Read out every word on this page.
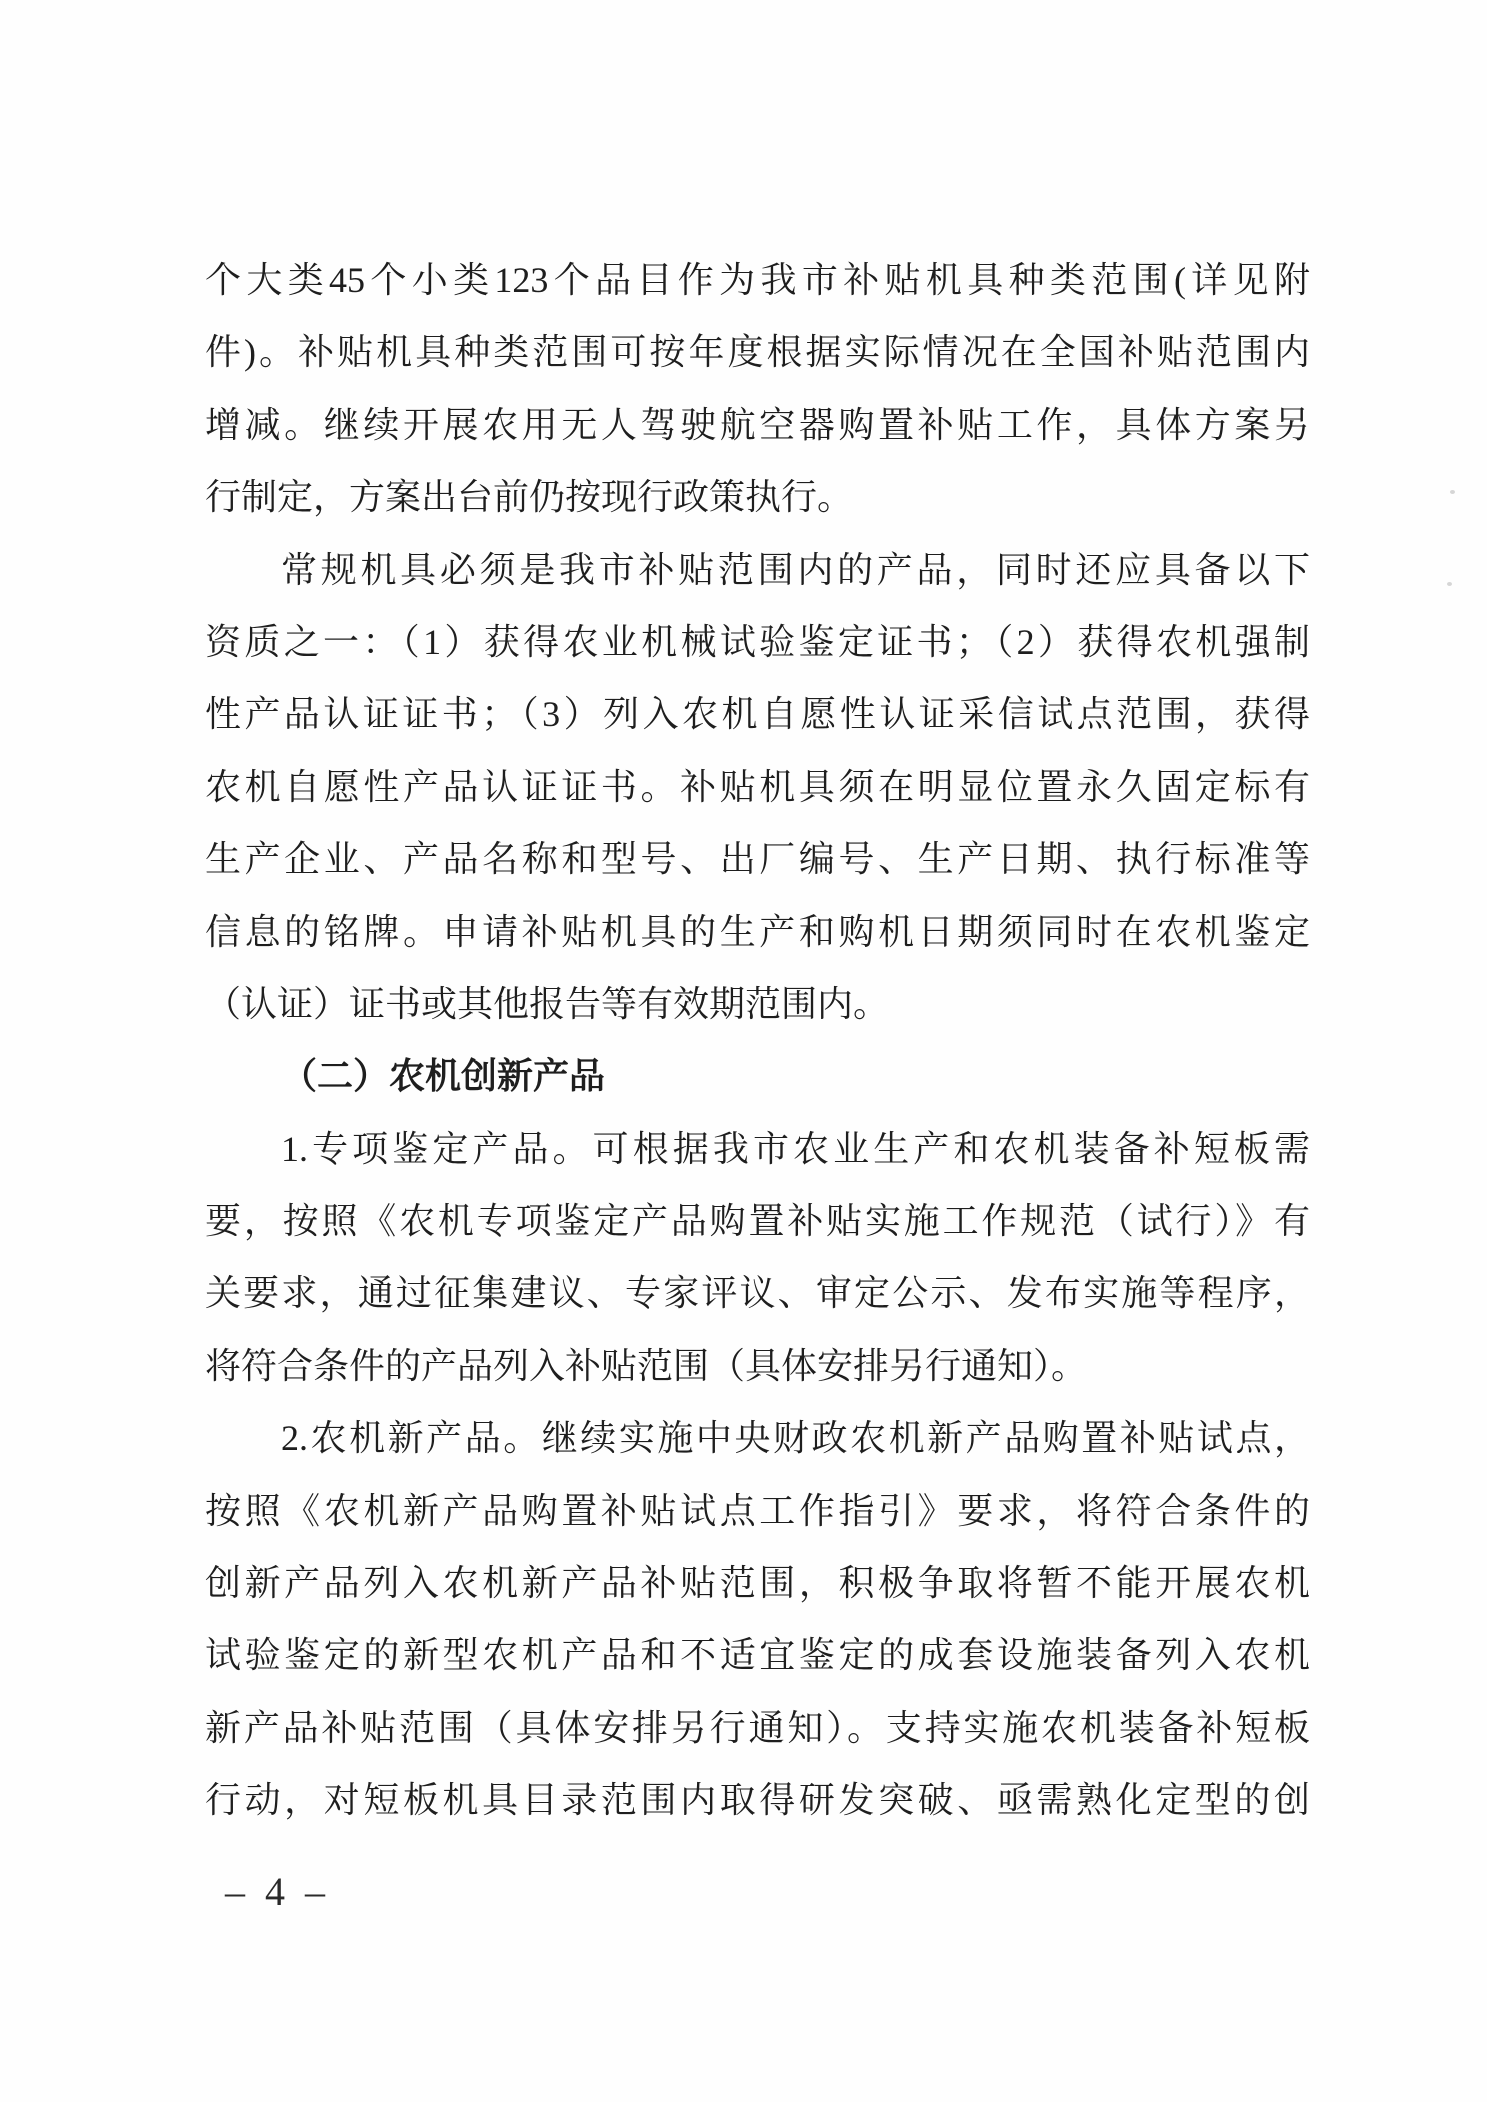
个大类45个小类123个品目作为我市补贴机具种类范围(详见附
件)。补贴机具种类范围可按年度根据实际情况在全国补贴范围内
增减。继续开展农用无人驾驶航空器购置补贴工作，具体方案另
行制定，方案出台前仍按现行政策执行。
常规机具必须是我市补贴范围内的产品，同时还应具备以下
资质之一：（1）获得农业机械试验鉴定证书；（2）获得农机强制
性产品认证证书；（3）列入农机自愿性认证采信试点范围，获得
农机自愿性产品认证证书。补贴机具须在明显位置永久固定标有
生产企业、产品名称和型号、出厂编号、生产日期、执行标准等
信息的铭牌。申请补贴机具的生产和购机日期须同时在农机鉴定
（认证）证书或其他报告等有效期范围内。
（二）农机创新产品
1.专项鉴定产品。可根据我市农业生产和农机装备补短板需
要，按照《农机专项鉴定产品购置补贴实施工作规范（试行）》有
关要求，通过征集建议、专家评议、审定公示、发布实施等程序，
将符合条件的产品列入补贴范围（具体安排另行通知）。
2.农机新产品。继续实施中央财政农机新产品购置补贴试点，
按照《农机新产品购置补贴试点工作指引》要求，将符合条件的
创新产品列入农机新产品补贴范围，积极争取将暂不能开展农机
试验鉴定的新型农机产品和不适宜鉴定的成套设施装备列入农机
新产品补贴范围（具体安排另行通知）。支持实施农机装备补短板
行动，对短板机具目录范围内取得研发突破、亟需熟化定型的创
– 4 –
